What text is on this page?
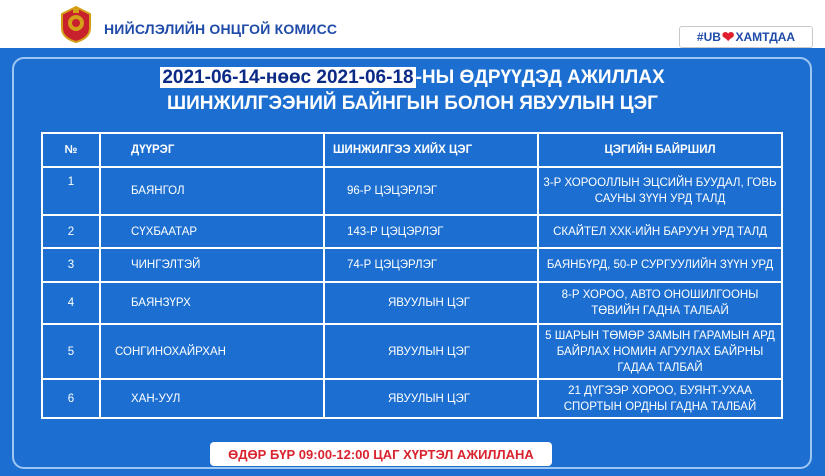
НИЙСЛЭЛИЙН ОНЦГОЙ КОМИСС	#UB ❤ ХАМТДАА
2021-06-14-нөөс 2021-06-18 -НЫ ӨДРҮҮДЭД АЖИЛЛАХ
ШИНЖИЛГЭЭНИЙ БАЙНГЫН БОЛОН ЯВУУЛЫН ЦЭГ
№	ДҮҮРЭГ	ШИНЖИЛГЭЭ ХИЙХ ЦЭГ	ЦЭГИЙН БАЙРШИЛ
1	БАЯНГОЛ	96-Р ЦЭЦЭРЛЭГ	3-Р ХОРООЛЛЫН ЭЦСИЙН БУУДАЛ, ГОВЬ САУНЫ ЗҮҮН УРД ТАЛД
2	СҮХБААТАР	143-Р ЦЭЦЭРЛЭГ	СКАЙТЕЛ ХХК-ИЙН БАРУУН УРД ТАЛД
3	ЧИНГЭЛТЭЙ	74-Р ЦЭЦЭРЛЭГ	БАЯНБҮРД, 50-Р СУРГУУЛИЙН ЗҮҮН УРД
4	БАЯНЗҮРХ	ЯВУУЛЫН ЦЭГ	8-Р ХОРОО, АВТО ОНОШИЛГООНЫ ТӨВИЙН ГАДНА ТАЛБАЙ
5	СОНГИНОХАЙРХАН	ЯВУУЛЫН ЦЭГ	5 ШАРЫН ТӨМӨР ЗАМЫН ГАРАМЫН АРД БАЙРЛАХ НОМИН АГУУЛАХ БАЙРНЫ ГАДАА ТАЛБАЙ
6	ХАН-УУЛ	ЯВУУЛЫН ЦЭГ	21 ДҮГЭЭР ХОРОО, БУЯНТ-УХАА СПОРТЫН ОРДНЫ ГАДНА ТАЛБАЙ
ӨДӨР БҮР 09:00-12:00 ЦАГ ХҮРТЭЛ АЖИЛЛАНА
